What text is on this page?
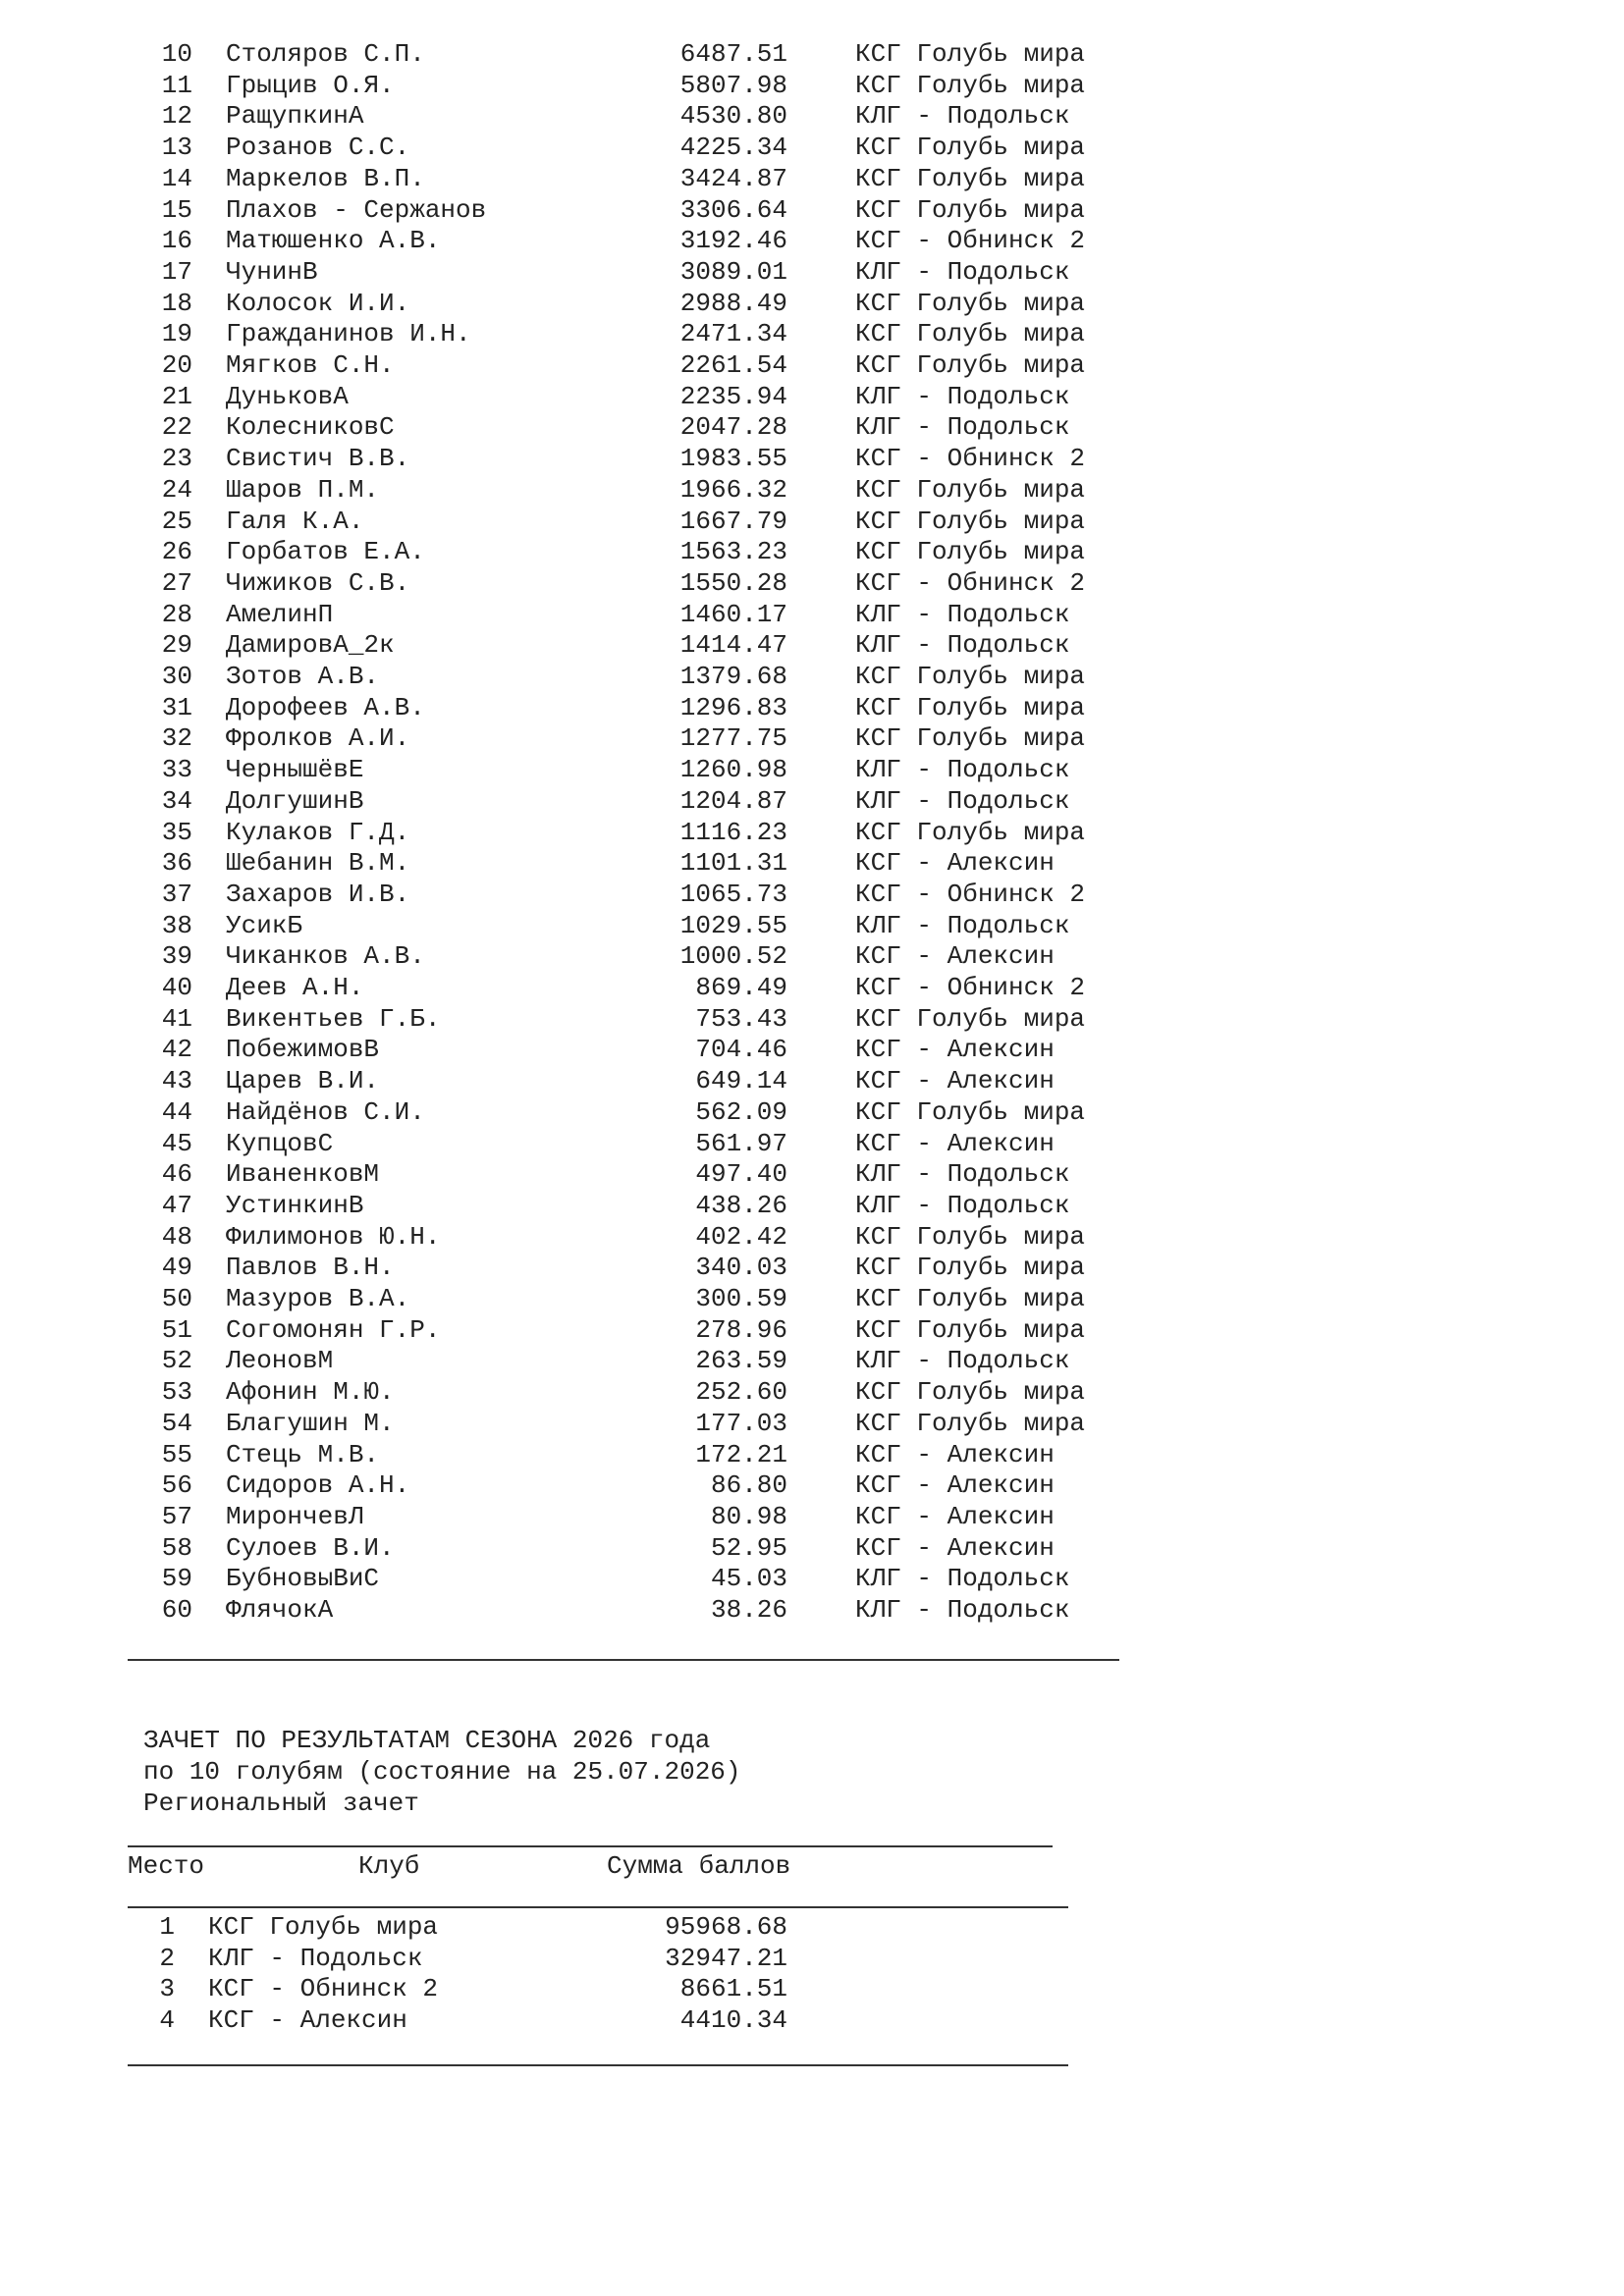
10 Столяров С.П.	6487.51	КСГ Голубь мира
11 Грыцив О.Я.	5807.98	КСГ Голубь мира
12 РащупкинА	4530.80	КЛГ - Подольск
13 Розанов С.С.	4225.34	КСГ Голубь мира
14 Маркелов В.П.	3424.87	КСГ Голубь мира
15 Плахов - Сержанов	3306.64	КСГ Голубь мира
16 Матюшенко А.В.	3192.46	КСГ - Обнинск 2
17 ЧунинВ	3089.01	КЛГ - Подольск
18 Колосок И.И.	2988.49	КСГ Голубь мира
19 Гражданинов И.Н.	2471.34	КСГ Голубь мира
20 Мягков С.Н.	2261.54	КСГ Голубь мира
21 ДуньковА	2235.94	КЛГ - Подольск
22 КолесниковС	2047.28	КЛГ - Подольск
23 Свистич В.В.	1983.55	КСГ - Обнинск 2
24 Шаров П.М.	1966.32	КСГ Голубь мира
25 Галя К.А.	1667.79	КСГ Голубь мира
26 Горбатов Е.А.	1563.23	КСГ Голубь мира
27 Чижиков С.В.	1550.28	КСГ - Обнинск 2
28 АмелинП	1460.17	КЛГ - Подольск
29 ДамировА_2к	1414.47	КЛГ - Подольск
30 Зотов А.В.	1379.68	КСГ Голубь мира
31 Дорофеев А.В.	1296.83	КСГ Голубь мира
32 Фролков А.И.	1277.75	КСГ Голубь мира
33 ЧернышёвЕ	1260.98	КЛГ - Подольск
34 ДолгушинВ	1204.87	КЛГ - Подольск
35 Кулаков Г.Д.	1116.23	КСГ Голубь мира
36 Шебанин В.М.	1101.31	КСГ - Алексин
37 Захаров И.В.	1065.73	КСГ - Обнинск 2
38 УсикБ	1029.55	КЛГ - Подольск
39 Чиканков А.В.	1000.52	КСГ - Алексин
40 Деев А.Н.	869.49	КСГ - Обнинск 2
41 Викентьев Г.Б.	753.43	КСГ Голубь мира
42 ПобежимовВ	704.46	КСГ - Алексин
43 Царев В.И.	649.14	КСГ - Алексин
44 Найдёнов С.И.	562.09	КСГ Голубь мира
45 КупцовС	561.97	КСГ - Алексин
46 ИваненковМ	497.40	КЛГ - Подольск
47 УстинкинВ	438.26	КЛГ - Подольск
48 Филимонов Ю.Н.	402.42	КСГ Голубь мира
49 Павлов В.Н.	340.03	КСГ Голубь мира
50 Мазуров В.А.	300.59	КСГ Голубь мира
51 Согомонян Г.Р.	278.96	КСГ Голубь мира
52 ЛеоновМ	263.59	КЛГ - Подольск
53 Афонин М.Ю.	252.60	КСГ Голубь мира
54 Благушин М.	177.03	КСГ Голубь мира
55 Стець М.В.	172.21	КСГ - Алексин
56 Сидоров А.Н.	86.80	КСГ - Алексин
57 МирончевЛ	80.98	КСГ - Алексин
58 Сулоев В.И.	52.95	КСГ - Алексин
59 БубновыВиС	45.03	КЛГ - Подольск
60 ФлячокА	38.26	КЛГ - Подольск
ЗАЧЕТ ПО РЕЗУЛЬТАТАМ СЕЗОНА 2026 года
по 10 голубям (состояние на 25.07.2026)
Региональный зачет
Место	Клуб	Сумма баллов
1 КСГ Голубь мира	95968.68
2 КЛГ - Подольск	32947.21
3 КСГ - Обнинск 2	8661.51
4 КСГ - Алексин	4410.34
